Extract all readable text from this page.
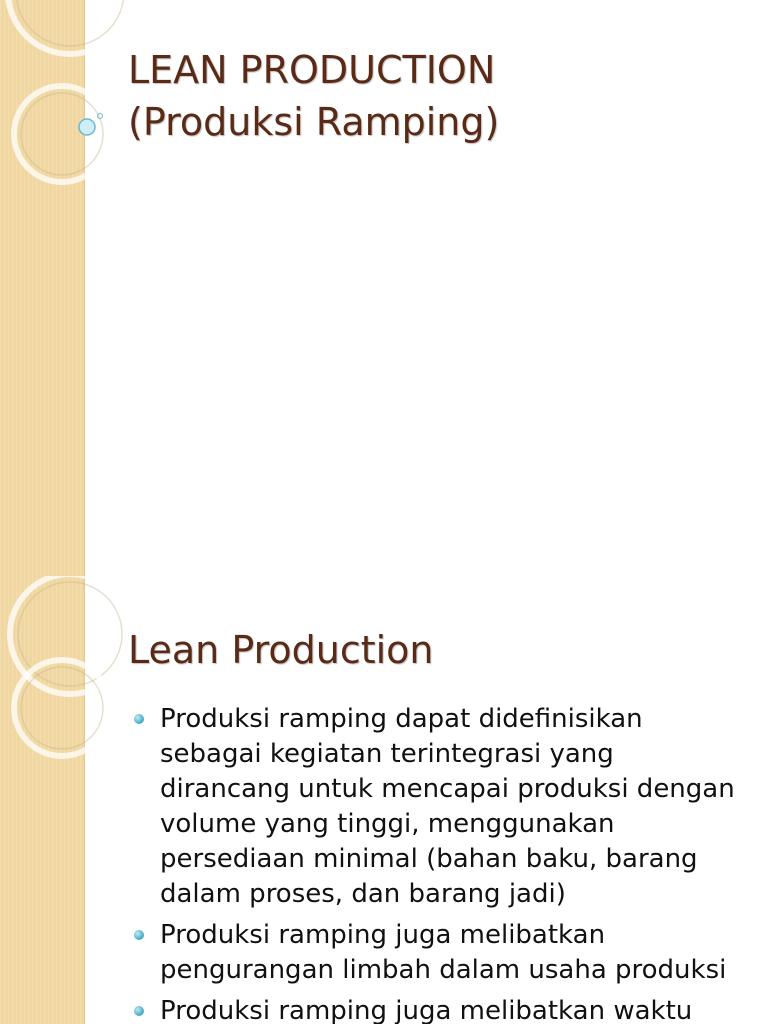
LEAN PRODUCTION
(Produksi Ramping)
Lean Production
Produksi ramping dapat didefinisikan sebagai kegiatan terintegrasi yang dirancang untuk mencapai produksi dengan volume yang tinggi, menggunakan persediaan minimal (bahan baku, barang dalam proses, dan barang jadi)
Produksi ramping juga melibatkan pengurangan limbah dalam usaha produksi
Produksi ramping juga melibatkan waktu
